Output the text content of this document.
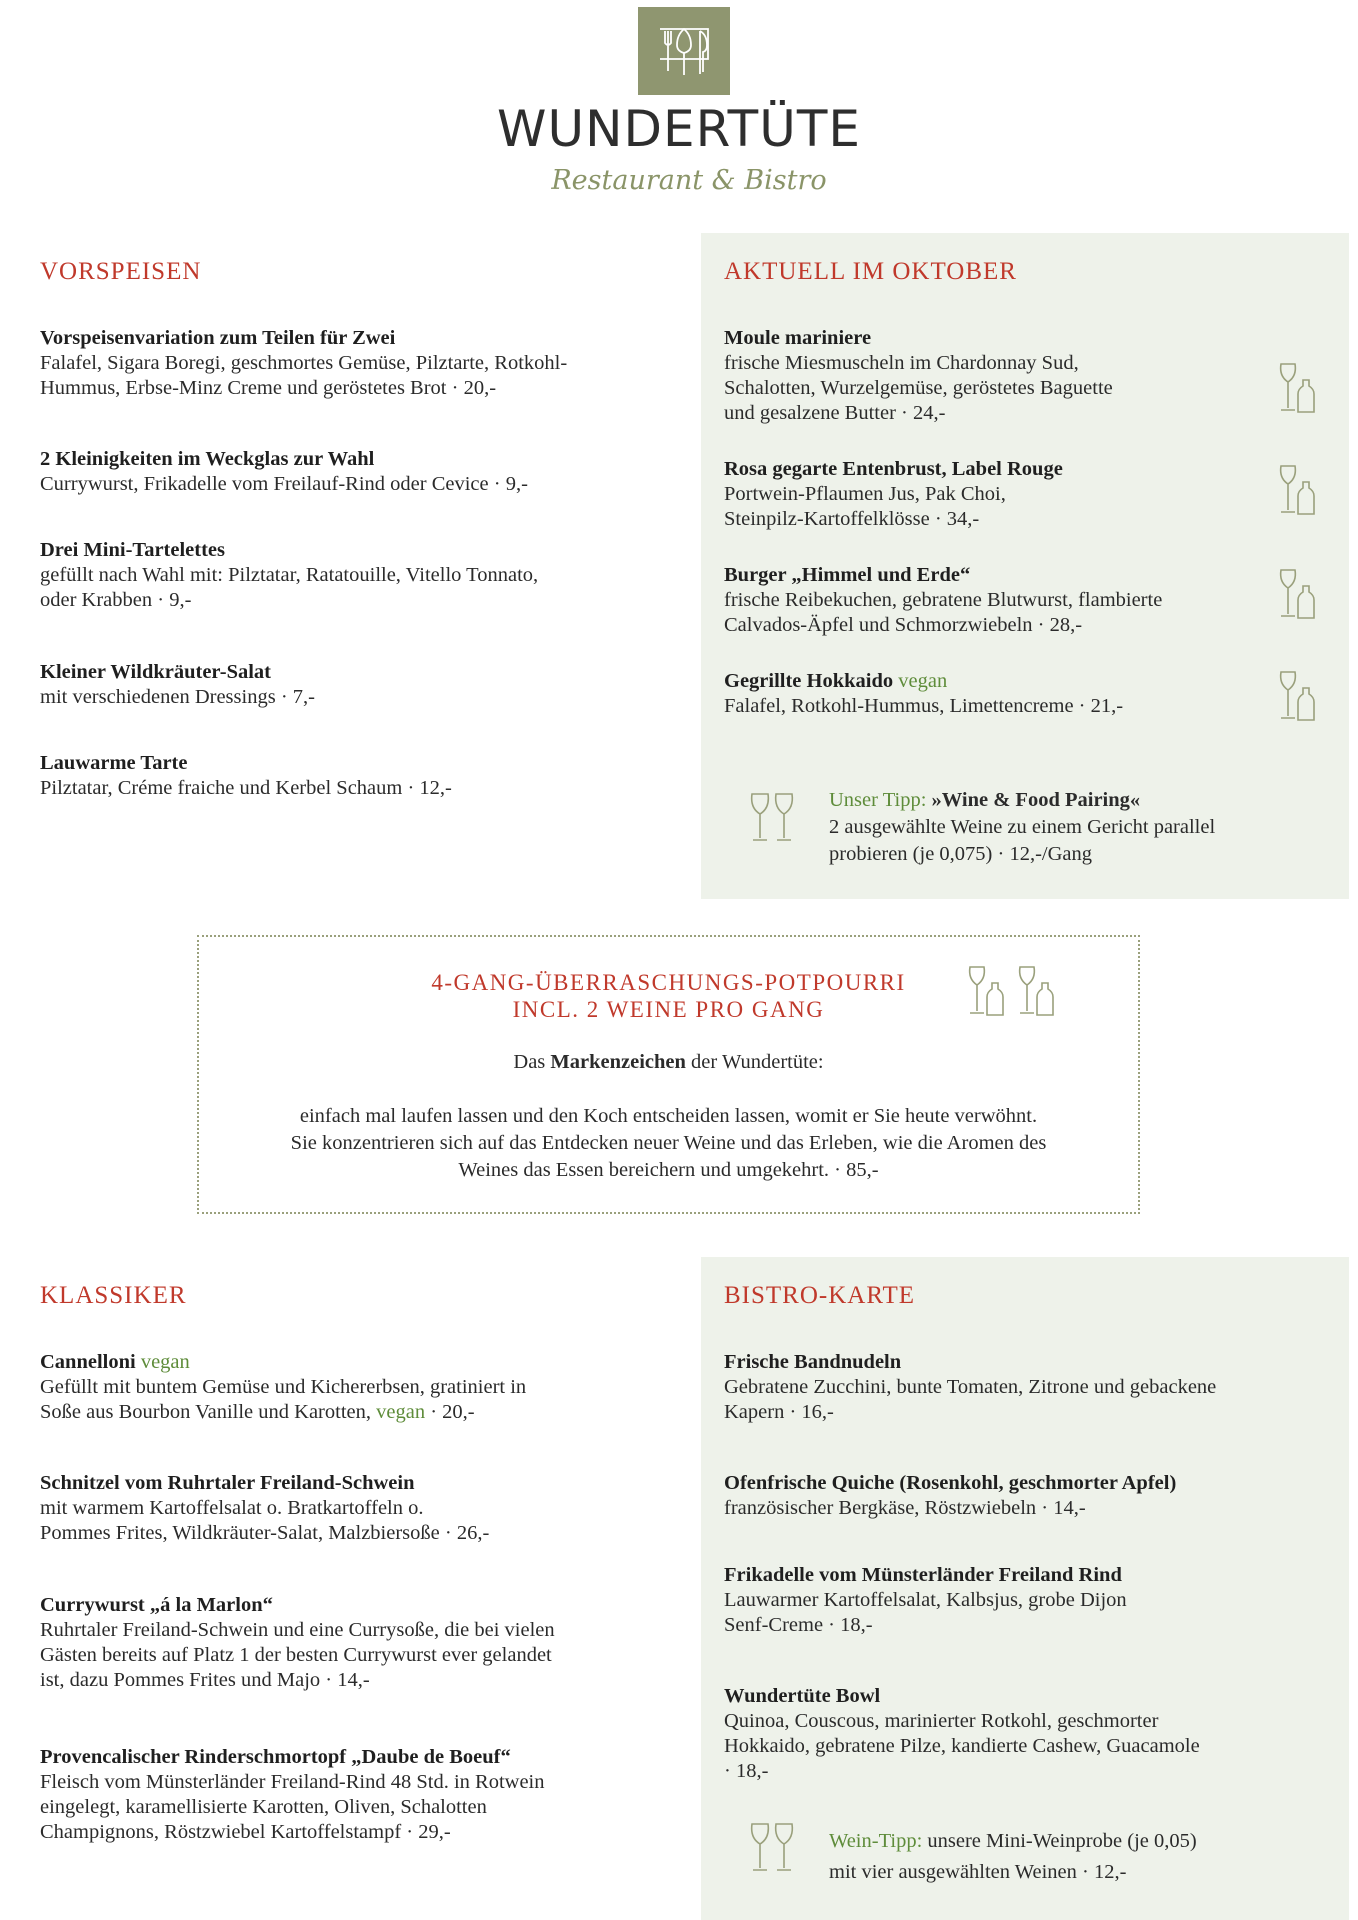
WUNDERTÜTE
Restaurant & Bistro
VORSPEISEN
Vorspeisenvariation zum Teilen für Zwei
Falafel, Sigara Boregi, geschmortes Gemüse, Pilztarte, Rotkohl-
Hummus, Erbse-Minz Creme und geröstetes Brot · 20,-
2 Kleinigkeiten im Weckglas zur Wahl
Currywurst, Frikadelle vom Freilauf-Rind oder Cevice · 9,-
Drei Mini-Tartelettes
gefüllt nach Wahl mit: Pilztatar, Ratatouille, Vitello Tonnato,
oder Krabben · 9,-
Kleiner Wildkräuter-Salat
mit verschiedenen Dressings · 7,-
Lauwarme Tarte
Pilztatar, Créme fraiche und Kerbel Schaum · 12,-
AKTUELL IM OKTOBER
Moule mariniere
frische Miesmuscheln im Chardonnay Sud,
Schalotten, Wurzelgemüse, geröstetes Baguette
und gesalzene Butter · 24,-
Rosa gegarte Entenbrust, Label Rouge
Portwein-Pflaumen Jus, Pak Choi,
Steinpilz-Kartoffelklösse · 34,-
Burger „Himmel und Erde“
frische Reibekuchen, gebratene Blutwurst, flambierte
Calvados-Äpfel und Schmorzwiebeln · 28,-
Gegrillte Hokkaido vegan
Falafel, Rotkohl-Hummus, Limettencreme · 21,-
Unser Tipp: »Wine & Food Pairing«
2 ausgewählte Weine zu einem Gericht parallel
probieren (je 0,075) · 12,-/Gang
4-GANG-ÜBERRASCHUNGS-POTPOURRI
INCL. 2 WEINE PRO GANG
Das Markenzeichen der Wundertüte:
einfach mal laufen lassen und den Koch entscheiden lassen, womit er Sie heute verwöhnt.
Sie konzentrieren sich auf das Entdecken neuer Weine und das Erleben, wie die Aromen des
Weines das Essen bereichern und umgekehrt. · 85,-
KLASSIKER
Cannelloni vegan
Gefüllt mit buntem Gemüse und Kichererbsen, gratiniert in
Soße aus Bourbon Vanille und Karotten, vegan · 20,-
Schnitzel vom Ruhrtaler Freiland-Schwein
mit warmem Kartoffelsalat o. Bratkartoffeln o.
Pommes Frites, Wildkräuter-Salat, Malzbiersoße · 26,-
Currywurst „á la Marlon“
Ruhrtaler Freiland-Schwein und eine Currysoße, die bei vielen
Gästen bereits auf Platz 1 der besten Currywurst ever gelandet
ist, dazu Pommes Frites und Majo · 14,-
Provencalischer Rinderschmortopf „Daube de Boeuf“
Fleisch vom Münsterländer Freiland-Rind 48 Std. in Rotwein
eingelegt, karamellisierte Karotten, Oliven, Schalotten
Champignons, Röstzwiebel Kartoffelstampf · 29,-
BISTRO-KARTE
Frische Bandnudeln
Gebratene Zucchini, bunte Tomaten, Zitrone und gebackene
Kapern · 16,-
Ofenfrische Quiche (Rosenkohl, geschmorter Apfel)
französischer Bergkäse, Röstzwiebeln · 14,-
Frikadelle vom Münsterländer Freiland Rind
Lauwarmer Kartoffelsalat, Kalbsjus, grobe Dijon
Senf-Creme · 18,-
Wundertüte Bowl
Quinoa, Couscous, marinierter Rotkohl, geschmorter
Hokkaido, gebratene Pilze, kandierte Cashew, Guacamole
· 18,-
Wein-Tipp: unsere Mini-Weinprobe (je 0,05)
mit vier ausgewählten Weinen · 12,-
